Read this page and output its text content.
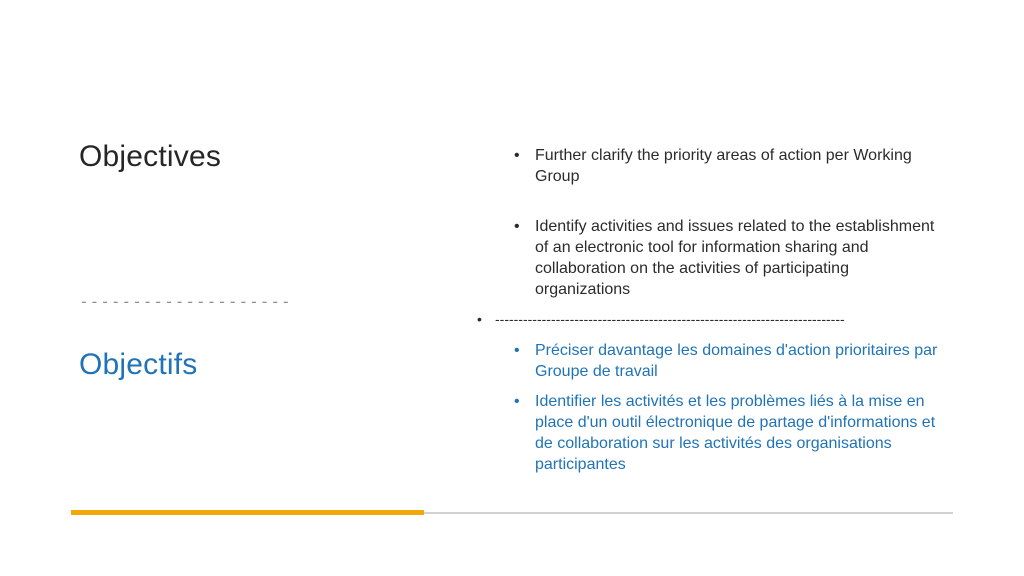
Objectives
--------------------
Objectifs
• Further clarify the priority areas of action per Working Group
• Identify activities and issues related to the establishment of an electronic tool for information sharing and collaboration on the activities of participating organizations
• ---------------------------------------------------------------------------
• Préciser davantage les domaines d'action prioritaires par Groupe de travail
• Identifier les activités et les problèmes liés à la mise en place d'un outil électronique de partage d'informations et de collaboration sur les activités des organisations participantes
